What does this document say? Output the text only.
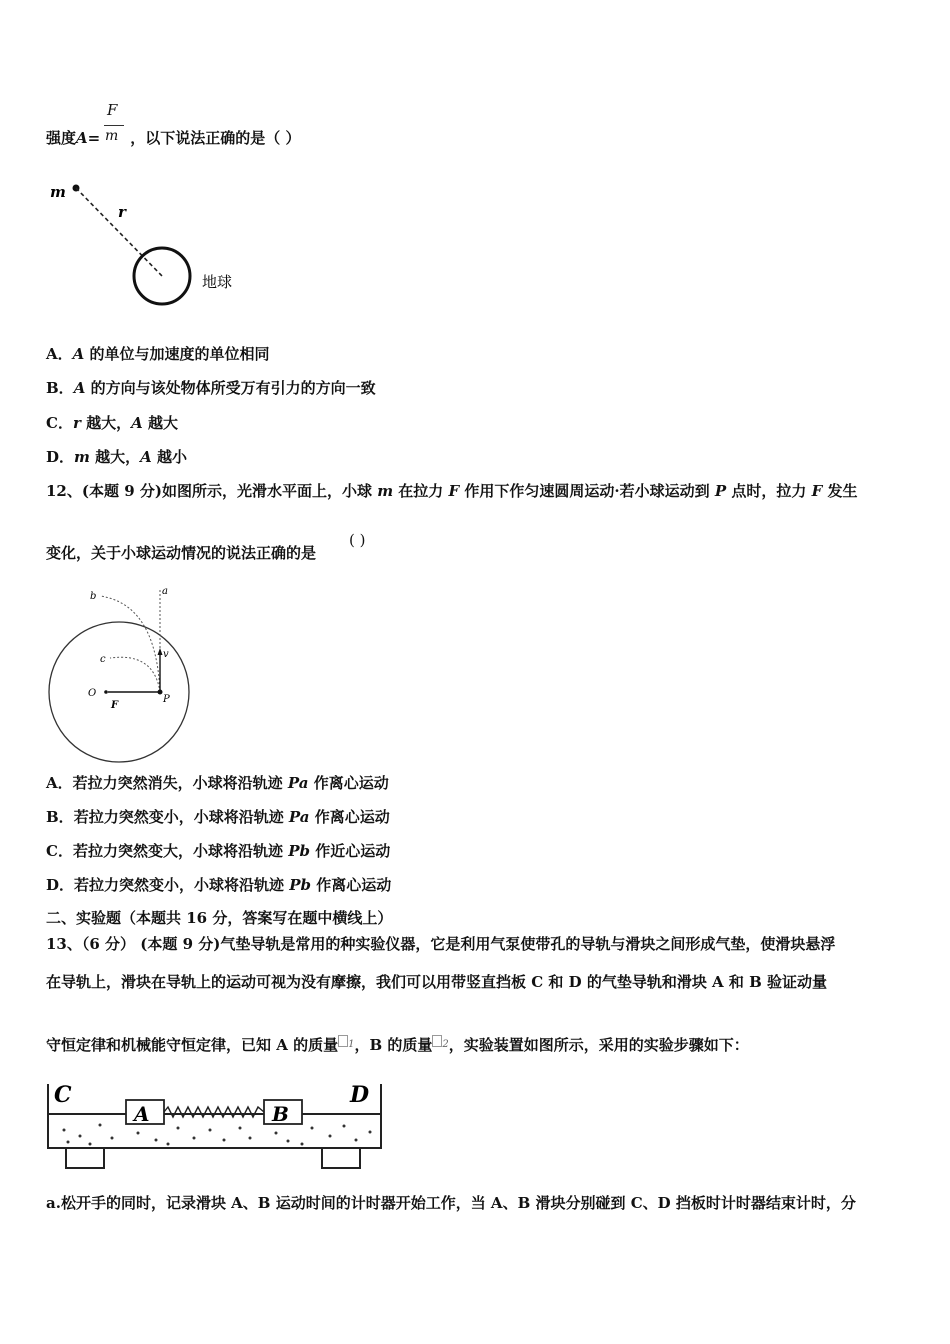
F
m
强度A= ，以下说法正确的是（ ）
m
r
地球
A．A 的单位与加速度的单位相同
B．A 的方向与该处物体所受万有引力的方向一致
C．r 越大，A 越大
D．m 越大，A 越小
12、(本题 9 分)如图所示，光滑水平面上，小球 m 在拉力 F 作用下作匀速圆周运动·若小球运动到 P 点时，拉力 F 发生
变化，关于小球运动情况的说法正确的是
( )
a
b
c	v
O
F
P
A．若拉力突然消失，小球将沿轨迹 Pa 作离心运动
B．若拉力突然变小，小球将沿轨迹 Pa 作离心运动
C．若拉力突然变大，小球将沿轨迹 Pb 作近心运动
D．若拉力突然变小，小球将沿轨迹 Pb 作离心运动
二、实验题（本题共 16 分，答案写在题中横线上）
13、（6 分） (本题 9 分)气垫导轨是常用的种实验仪器，它是利用气泵使带孔的导轨与滑块之间形成气垫，使滑块悬浮
在导轨上，滑块在导轨上的运动可视为没有摩擦，我们可以用带竖直挡板 C 和 D 的气垫导轨和滑块 A 和 B 验证动量
守恒定律和机械能守恒定律，已知 A 的质量 $^1$，B 的质量 $^2$，实验装置如图所示，采用的实验步骤如下：
C	D
A	B
a.松开手的同时，记录滑块 A、B 运动时间的计时器开始工作，当 A、B 滑块分别碰到 C、D 挡板时计时器结束计时，分
